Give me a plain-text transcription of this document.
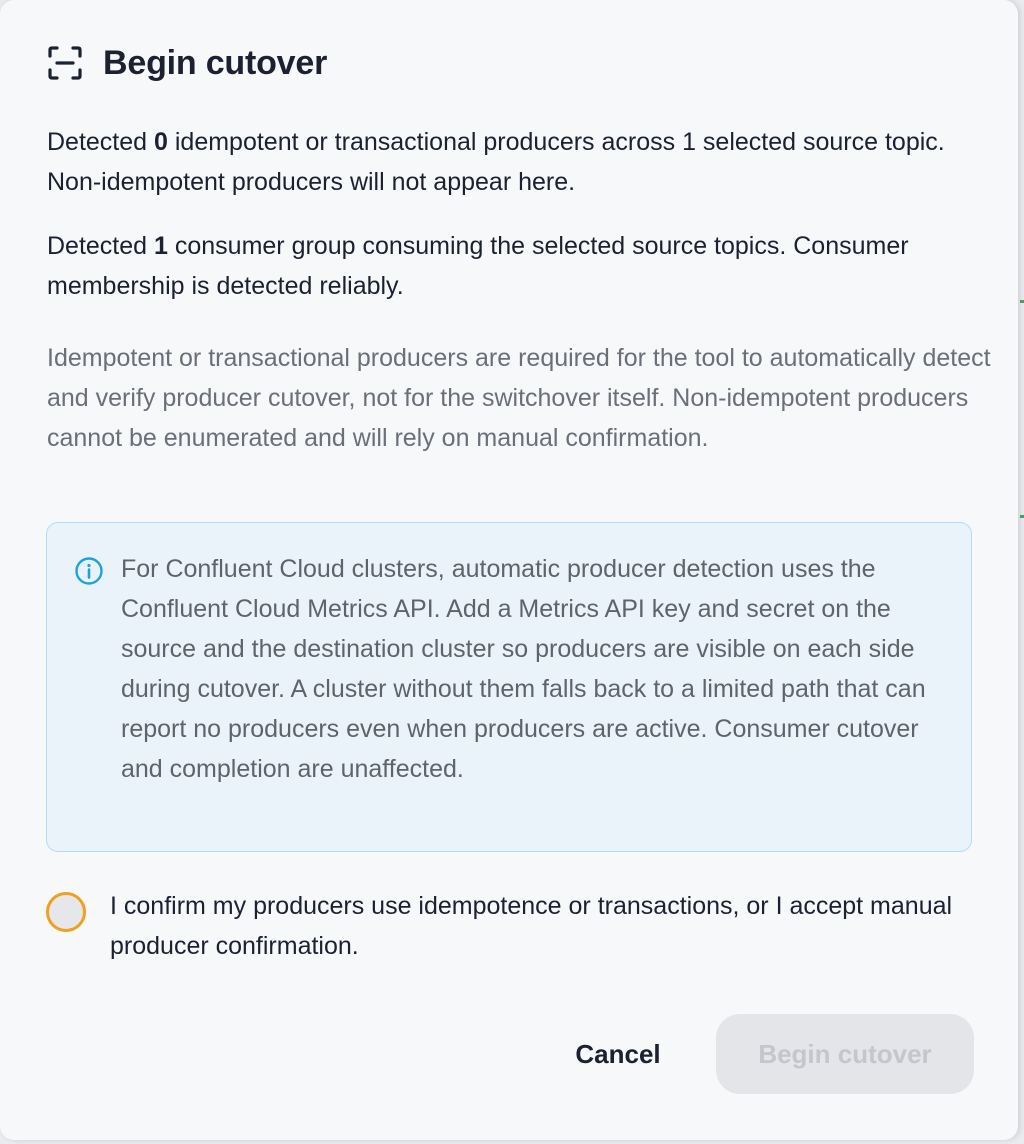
Begin cutover
Detected 0 idempotent or transactional producers across 1 selected source topic. Non-idempotent producers will not appear here.
Detected 1 consumer group consuming the selected source topics. Consumer membership is detected reliably.
Idempotent or transactional producers are required for the tool to automatically detect and verify producer cutover, not for the switchover itself. Non-idempotent producers cannot be enumerated and will rely on manual confirmation.
For Confluent Cloud clusters, automatic producer detection uses the Confluent Cloud Metrics API. Add a Metrics API key and secret on the source and the destination cluster so producers are visible on each side during cutover. A cluster without them falls back to a limited path that can report no producers even when producers are active. Consumer cutover and completion are unaffected.
I confirm my producers use idempotence or transactions, or I accept manual producer confirmation.
Cancel	Begin cutover
